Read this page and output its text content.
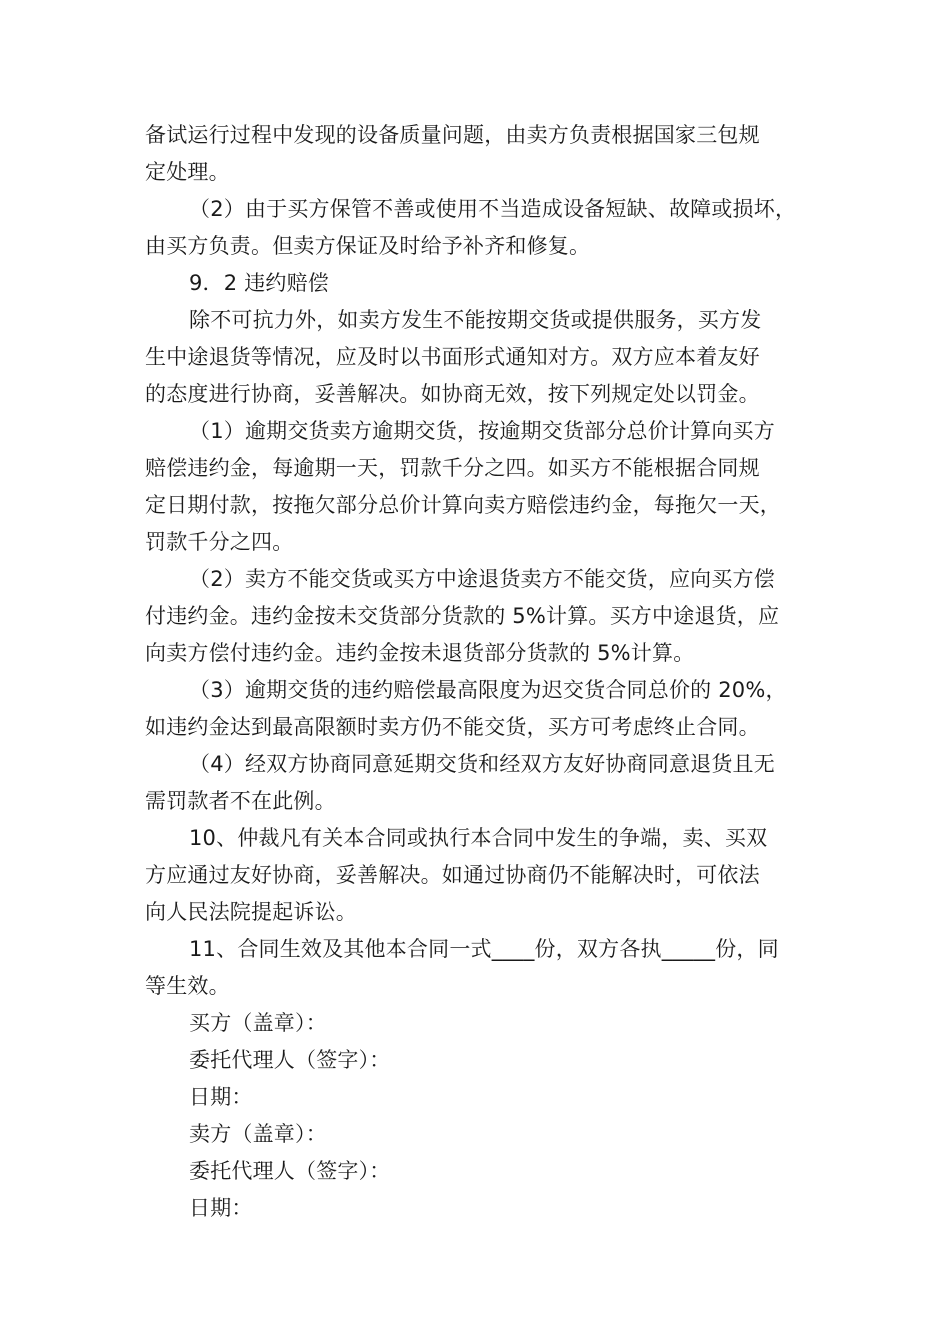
备试运行过程中发现的设备质量问题，由卖方负责根据国家三包规
定处理。
（2）由于买方保管不善或使用不当造成设备短缺、故障或损坏，
由买方负责。但卖方保证及时给予补齐和修复。
9．2 违约赔偿
除不可抗力外，如卖方发生不能按期交货或提供服务，买方发
生中途退货等情况，应及时以书面形式通知对方。双方应本着友好
的态度进行协商，妥善解决。如协商无效，按下列规定处以罚金。
（1）逾期交货卖方逾期交货，按逾期交货部分总价计算向买方
赔偿违约金，每逾期一天，罚款千分之四。如买方不能根据合同规
定日期付款，按拖欠部分总价计算向卖方赔偿违约金，每拖欠一天，
罚款千分之四。
（2）卖方不能交货或买方中途退货卖方不能交货，应向买方偿
付违约金。违约金按未交货部分货款的 5%计算。买方中途退货，应
向卖方偿付违约金。违约金按未退货部分货款的 5%计算。
（3）逾期交货的违约赔偿最高限度为迟交货合同总价的 20%，
如违约金达到最高限额时卖方仍不能交货，买方可考虑终止合同。
（4）经双方协商同意延期交货和经双方友好协商同意退货且无
需罚款者不在此例。
10、仲裁凡有关本合同或执行本合同中发生的争端，卖、买双
方应通过友好协商，妥善解决。如通过协商仍不能解决时，可依法
向人民法院提起诉讼。
11、合同生效及其他本合同一式____份，双方各执_____份，同
等生效。
买方（盖章）：
委托代理人（签字）：
日期：
卖方（盖章）：
委托代理人（签字）：
日期：
